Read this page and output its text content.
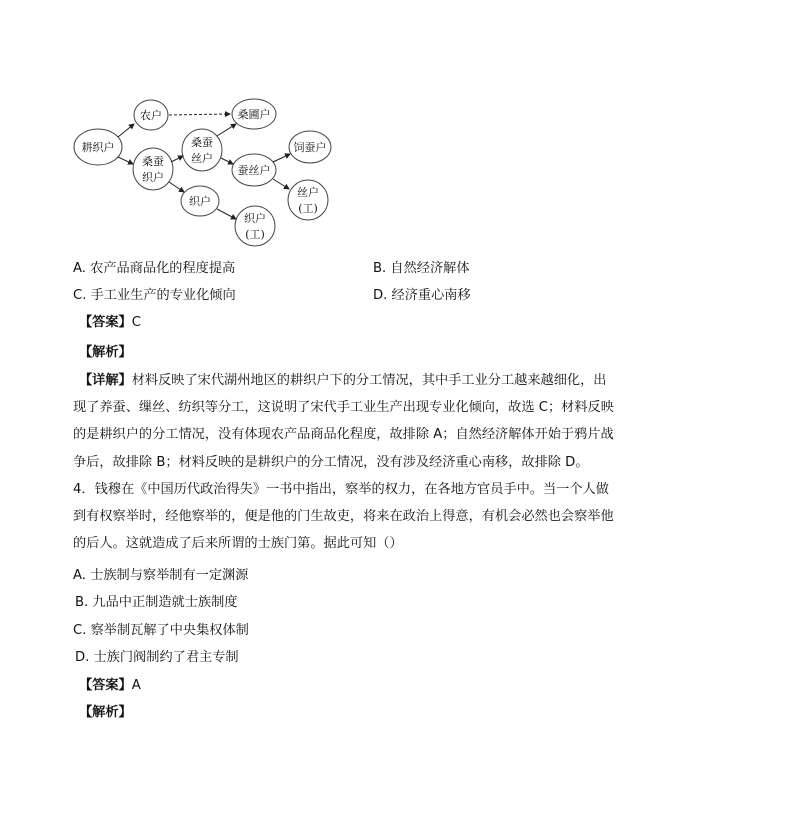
耕织户
农户
桑蚕
织户
桑蚕
丝户
桑圃户
蚕丝户
饲蚕户
丝户
(工)
织户
织户
(工)
A. 农产品商品化的程度提高	B. 自然经济解体
C. 手工业生产的专业化倾向	D. 经济重心南移
【答案】C
【解析】

【详解】材料反映了宋代湖州地区的耕织户下的分工情况，其中手工业分工越来越细化，出

现了养蚕、缫丝、纺织等分工，这说明了宋代手工业生产出现专业化倾向，故选 C；材料反映

的是耕织户的分工情况，没有体现农产品商品化程度，故排除 A；自然经济解体开始于鸦片战

争后，故排除 B；材料反映的是耕织户的分工情况，没有涉及经济重心南移，故排除 D。

4．钱穆在《中国历代政治得失》一书中指出，察举的权力，在各地方官员手中。当一个人做

到有权察举时，经他察举的，便是他的门生故吏，将来在政治上得意，有机会必然也会察举他

的后人。这就造成了后来所谓的士族门第。据此可知（）

A. 士族制与察举制有一定渊源
B. 九品中正制造就士族制度
C. 察举制瓦解了中央集权体制
D. 士族门阀制约了君主专制
【答案】A
【解析】
